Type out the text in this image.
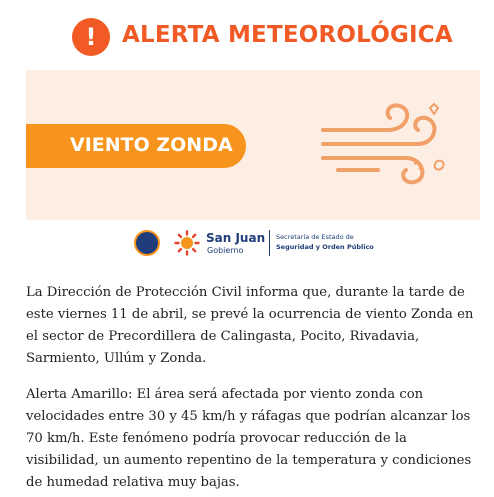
! ALERTA METEOROLÓGICA
VIENTO ZONDA
San Juan
Gobierno
Secretaría de Estado de
Seguridad y Orden Público

La Dirección de Protección Civil informa que, durante la tarde de este viernes 11 de abril, se prevé la ocurrencia de viento Zonda en el sector de Precordillera de Calingasta, Pocito, Rivadavia, Sarmiento, Ullúm y Zonda.

Alerta Amarillo: El área será afectada por viento zonda con velocidades entre 30 y 45 km/h y ráfagas que podrían alcanzar los 70 km/h. Este fenómeno podría provocar reducción de la visibilidad, un aumento repentino de la temperatura y condiciones de humedad relativa muy bajas.
